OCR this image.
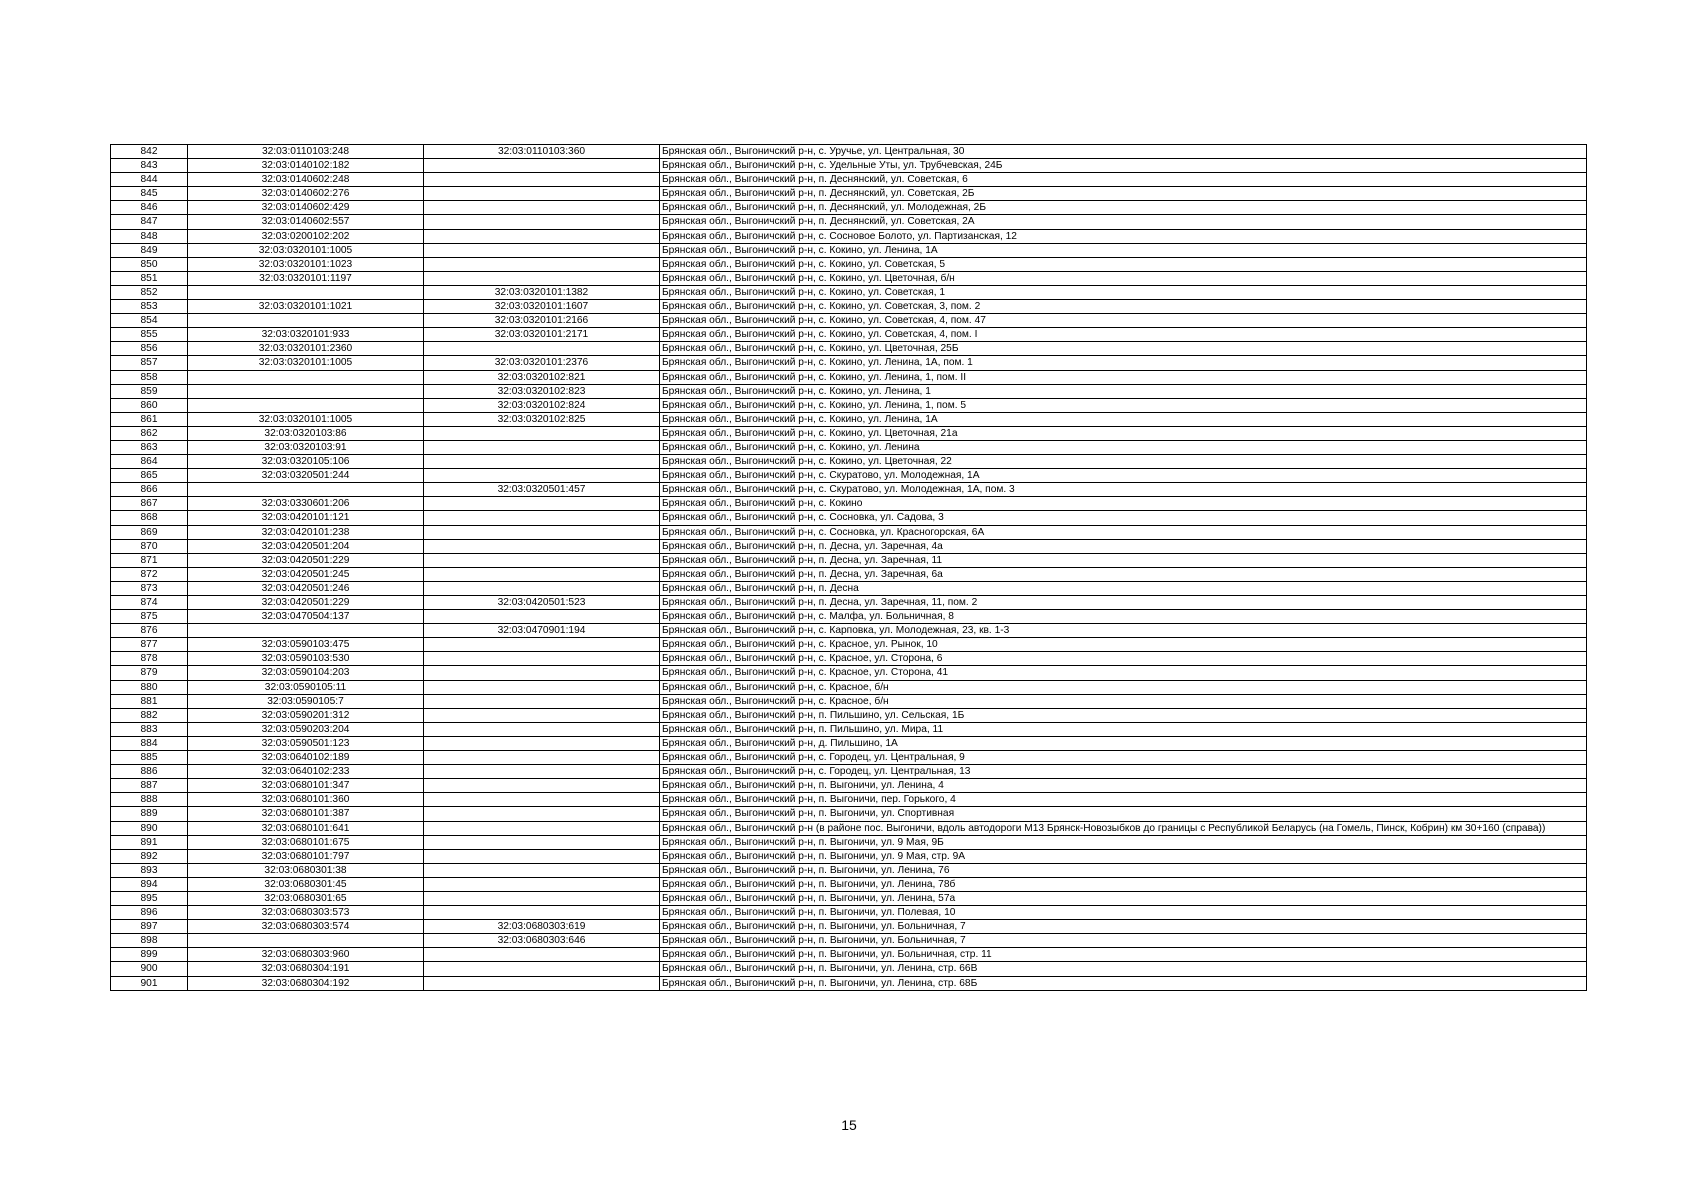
842	32:03:0110103:248	32:03:0110103:360	Брянская обл., Выгоничский р-н, с. Уручье, ул. Центральная, 30
843	32:03:0140102:182		Брянская обл., Выгоничский р-н, с. Удельные Уты, ул. Трубчевская, 24Б
844	32:03:0140602:248		Брянская обл., Выгоничский р-н, п. Деснянский, ул. Советская, 6
845	32:03:0140602:276		Брянская обл., Выгоничский р-н, п. Деснянский, ул. Советская, 2Б
846	32:03:0140602:429		Брянская обл., Выгоничский р-н, п. Деснянский, ул. Молодежная, 2Б
847	32:03:0140602:557		Брянская обл., Выгоничский р-н, п. Деснянский, ул. Советская, 2А
848	32:03:0200102:202		Брянская обл., Выгоничский р-н, с. Сосновое Болото, ул. Партизанская, 12
849	32:03:0320101:1005		Брянская обл., Выгоничский р-н, с. Кокино, ул. Ленина, 1А
850	32:03:0320101:1023		Брянская обл., Выгоничский р-н, с. Кокино, ул. Советская, 5
851	32:03:0320101:1197		Брянская обл., Выгоничский р-н, с. Кокино, ул. Цветочная, б/н
852		32:03:0320101:1382	Брянская обл., Выгоничский р-н, с. Кокино, ул. Советская, 1
853	32:03:0320101:1021	32:03:0320101:1607	Брянская обл., Выгоничский р-н, с. Кокино, ул. Советская, 3, пом. 2
854		32:03:0320101:2166	Брянская обл., Выгоничский р-н, с. Кокино, ул. Советская, 4, пом. 47
855	32:03:0320101:933	32:03:0320101:2171	Брянская обл., Выгоничский р-н, с. Кокино, ул. Советская, 4, пом. I
856	32:03:0320101:2360		Брянская обл., Выгоничский р-н, с. Кокино, ул. Цветочная, 25Б
857	32:03:0320101:1005	32:03:0320101:2376	Брянская обл., Выгоничский р-н, с. Кокино, ул. Ленина, 1А, пом. 1
858		32:03:0320102:821	Брянская обл., Выгоничский р-н, с. Кокино, ул. Ленина, 1, пом. II
859		32:03:0320102:823	Брянская обл., Выгоничский р-н, с. Кокино, ул. Ленина, 1
860		32:03:0320102:824	Брянская обл., Выгоничский р-н, с. Кокино, ул. Ленина, 1, пом. 5
861	32:03:0320101:1005	32:03:0320102:825	Брянская обл., Выгоничский р-н, с. Кокино, ул. Ленина, 1А
862	32:03:0320103:86		Брянская обл., Выгоничский р-н, с. Кокино, ул. Цветочная, 21а
863	32:03:0320103:91		Брянская обл., Выгоничский р-н, с. Кокино, ул. Ленина
864	32:03:0320105:106		Брянская обл., Выгоничский р-н, с. Кокино, ул. Цветочная, 22
865	32:03:0320501:244		Брянская обл., Выгоничский р-н, с. Скуратово, ул. Молодежная, 1А
866		32:03:0320501:457	Брянская обл., Выгоничский р-н, с. Скуратово, ул. Молодежная, 1А, пом. 3
867	32:03:0330601:206		Брянская обл., Выгоничский р-н, с. Кокино
868	32:03:0420101:121		Брянская обл., Выгоничский р-н, с. Сосновка, ул. Садова, 3
869	32:03:0420101:238		Брянская обл., Выгоничский р-н, с. Сосновка, ул. Красногорская, 6А
870	32:03:0420501:204		Брянская обл., Выгоничский р-н, п. Десна, ул. Заречная, 4а
871	32:03:0420501:229		Брянская обл., Выгоничский р-н, п. Десна, ул. Заречная, 11
872	32:03:0420501:245		Брянская обл., Выгоничский р-н, п. Десна, ул. Заречная, 6а
873	32:03:0420501:246		Брянская обл., Выгоничский р-н, п. Десна
874	32:03:0420501:229	32:03:0420501:523	Брянская обл., Выгоничский р-н, п. Десна, ул. Заречная, 11, пом. 2
875	32:03:0470504:137		Брянская обл., Выгоничский р-н, с. Малфа, ул. Больничная, 8
876		32:03:0470901:194	Брянская обл., Выгоничский р-н, с. Карповка, ул. Молодежная, 23, кв. 1-3
877	32:03:0590103:475		Брянская обл., Выгоничский р-н, с. Красное, ул. Рынок, 10
878	32:03:0590103:530		Брянская обл., Выгоничский р-н, с. Красное, ул. Сторона, 6
879	32:03:0590104:203		Брянская обл., Выгоничский р-н, с. Красное, ул. Сторона, 41
880	32:03:0590105:11		Брянская обл., Выгоничский р-н, с. Красное, б/н
881	32:03:0590105:7		Брянская обл., Выгоничский р-н, с. Красное, б/н
882	32:03:0590201:312		Брянская обл., Выгоничский р-н, п. Пильшино, ул. Сельская, 1Б
883	32:03:0590203:204		Брянская обл., Выгоничский р-н, п. Пильшино, ул. Мира, 11
884	32:03:0590501:123		Брянская обл., Выгоничский р-н, д. Пильшино, 1А
885	32:03:0640102:189		Брянская обл., Выгоничский р-н, с. Городец, ул. Центральная, 9
886	32:03:0640102:233		Брянская обл., Выгоничский р-н, с. Городец, ул. Центральная, 13
887	32:03:0680101:347		Брянская обл., Выгоничский р-н, п. Выгоничи, ул. Ленина, 4
888	32:03:0680101:360		Брянская обл., Выгоничский р-н, п. Выгоничи, пер. Горького, 4
889	32:03:0680101:387		Брянская обл., Выгоничский р-н, п. Выгоничи, ул. Спортивная
890	32:03:0680101:641		Брянская обл., Выгоничский р-н (в районе пос. Выгоничи, вдоль автодороги М13 Брянск-Новозыбков до границы с Республикой Беларусь (на Гомель, Пинск, Кобрин) км 30+160 (справа))
891	32:03:0680101:675		Брянская обл., Выгоничский р-н, п. Выгоничи, ул. 9 Мая, 9Б
892	32:03:0680101:797		Брянская обл., Выгоничский р-н, п. Выгоничи, ул. 9 Мая, стр. 9А
893	32:03:0680301:38		Брянская обл., Выгоничский р-н, п. Выгоничи, ул. Ленина, 76
894	32:03:0680301:45		Брянская обл., Выгоничский р-н, п. Выгоничи, ул. Ленина, 78б
895	32:03:0680301:65		Брянская обл., Выгоничский р-н, п. Выгоничи, ул. Ленина, 57а
896	32:03:0680303:573		Брянская обл., Выгоничский р-н, п. Выгоничи, ул. Полевая, 10
897	32:03:0680303:574	32:03:0680303:619	Брянская обл., Выгоничский р-н, п. Выгоничи, ул. Больничная, 7
898		32:03:0680303:646	Брянская обл., Выгоничский р-н, п. Выгоничи, ул. Больничная, 7
899	32:03:0680303:960		Брянская обл., Выгоничский р-н, п. Выгоничи, ул. Больничная, стр. 11
900	32:03:0680304:191		Брянская обл., Выгоничский р-н, п. Выгоничи, ул. Ленина, стр. 66В
901	32:03:0680304:192		Брянская обл., Выгоничский р-н, п. Выгоничи, ул. Ленина, стр. 68Б
15
